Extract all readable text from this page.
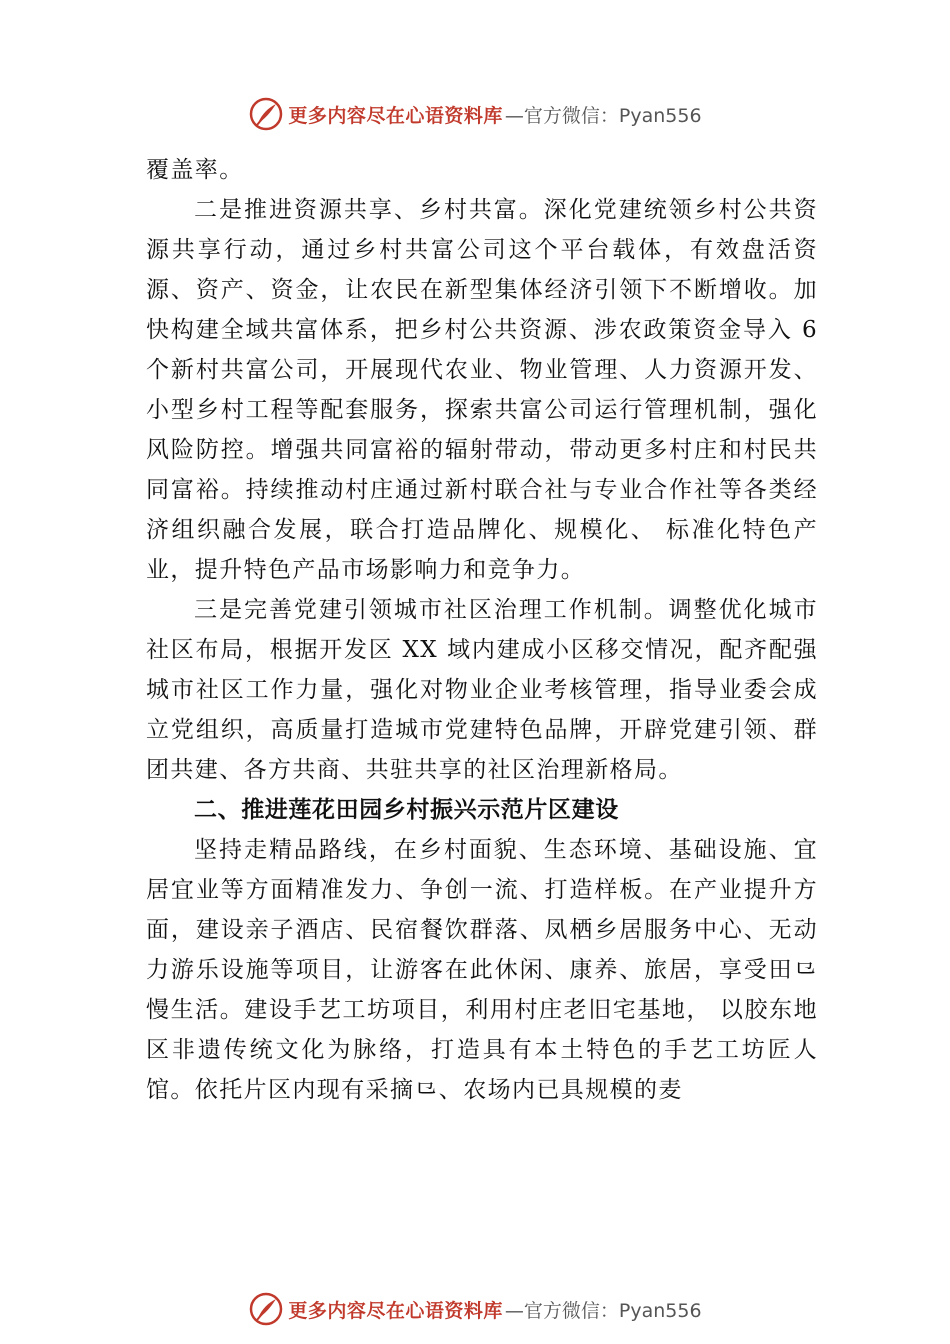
更多内容尽在心语资料库 —官方微信：Pyan556

覆盖率。

二是推进资源共享、乡村共富。深化党建统领乡村公共资源共享行动，通过乡村共富公司这个平台载体，有效盘活资源、资产、资金，让农民在新型集体经济引领下不断增收。加快构建全域共富体系，把乡村公共资源、涉农政策资金导入 6 个新村共富公司，开展现代农业、物业管理、人力资源开发、小型乡村工程等配套服务，探索共富公司运行管理机制，强化风险防控。增强共同富裕的辐射带动，带动更多村庄和村民共同富裕。持续推动村庄通过新村联合社与专业合作社等各类经济组织融合发展，联合打造品牌化、规模化、 标准化特色产业，提升特色产品市场影响力和竞争力。

三是完善党建引领城市社区治理工作机制。调整优化城市社区布局，根据开发区 XX 域内建成小区移交情况，配齐配强城市社区工作力量，强化对物业企业考核管理，指导业委会成立党组织，高质量打造城市党建特色品牌，开辟党建引领、群团共建、各方共商、共驻共享的社区治理新格局。

二、推进莲花田园乡村振兴示范片区建设

坚持走精品路线，在乡村面貌、生态环境、基础设施、宜居宜业等方面精准发力、争创一流、打造样板。在产业提升方面，建设亲子酒店、民宿餐饮群落、凤栖乡居服务中心、无动力游乐设施等项目，让游客在此休闲、康养、旅居，享受田⺋慢生活。建设手艺工坊项目，利用村庄老旧宅基地， 以胶东地区非遗传统文化为脉络，打造具有本土特色的手艺工坊匠人馆。依托片区内现有采摘⺋、农场内已具规模的麦

更多内容尽在心语资料库 —官方微信：Pyan556
